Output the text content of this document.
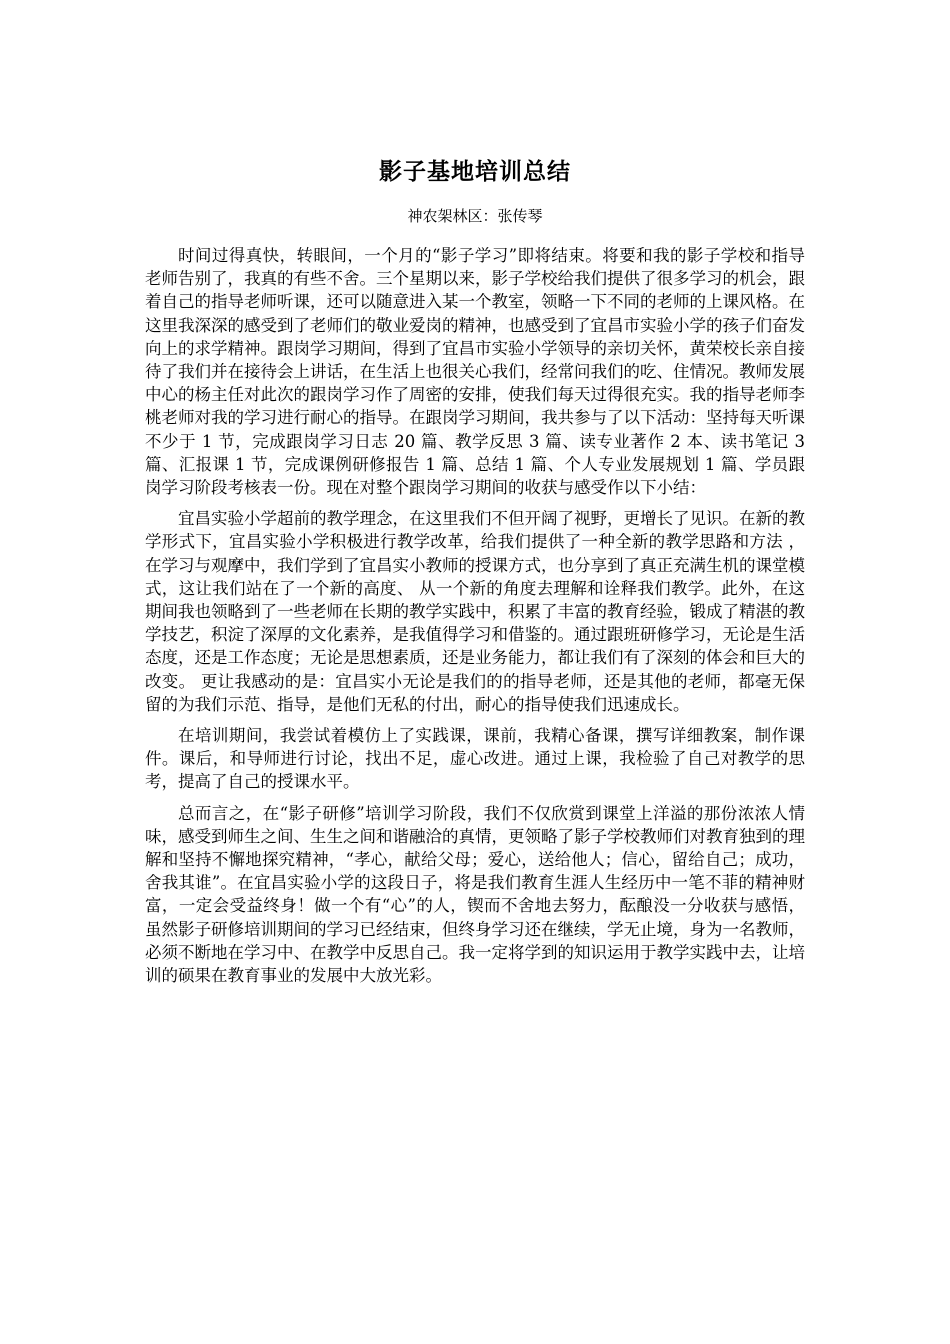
影子基地培训总结
神农架林区：张传琴

时间过得真快，转眼间，一个月的“影子学习”即将结束。将要和我的影子学校和指导老师告别了，我真的有些不舍。三个星期以来，影子学校给我们提供了很多学习的机会，跟着自己的指导老师听课，还可以随意进入某一个教室，领略一下不同的老师的上课风格。在这里我深深的感受到了老师们的敬业爱岗的精神，也感受到了宜昌市实验小学的孩子们奋发向上的求学精神。跟岗学习期间，得到了宜昌市实验小学领导的亲切关怀，黄荣校长亲自接待了我们并在接待会上讲话，在生活上也很关心我们，经常问我们的吃、住情况。教师发展中心的杨主任对此次的跟岗学习作了周密的安排，使我们每天过得很充实。我的指导老师李桃老师对我的学习进行耐心的指导。在跟岗学习期间，我共参与了以下活动：坚持每天听课不少于 1 节，完成跟岗学习日志 20 篇、教学反思 3 篇、读专业著作 2 本、读书笔记 3 篇、汇报课 1 节，完成课例研修报告 1 篇、总结 1 篇、个人专业发展规划 1 篇、学员跟岗学习阶段考核表一份。现在对整个跟岗学习期间的收获与感受作以下小结：

宜昌实验小学超前的教学理念，在这里我们不但开阔了视野，更增长了见识。在新的教学形式下，宜昌实验小学积极进行教学改革，给我们提供了一种全新的教学思路和方法 ，在学习与观摩中，我们学到了宜昌实小教师的授课方式，也分享到了真正充满生机的课堂模式，这让我们站在了一个新的高度、 从一个新的角度去理解和诠释我们教学。此外，在这期间我也领略到了一些老师在长期的教学实践中，积累了丰富的教育经验，锻成了精湛的教学技艺，积淀了深厚的文化素养，是我值得学习和借鉴的。通过跟班研修学习，无论是生活态度，还是工作态度；无论是思想素质，还是业务能力，都让我们有了深刻的体会和巨大的改变。 更让我感动的是：宜昌实小无论是我们的的指导老师，还是其他的老师，都毫无保留的为我们示范、指导，是他们无私的付出，耐心的指导使我们迅速成长。

在培训期间，我尝试着模仿上了实践课，课前，我精心备课，撰写详细教案，制作课件。课后，和导师进行讨论，找出不足，虚心改进。通过上课，我检验了自己对教学的思考，提高了自己的授课水平。

总而言之，在“影子研修”培训学习阶段，我们不仅欣赏到课堂上洋溢的那份浓浓人情味，感受到师生之间、生生之间和谐融洽的真情，更领略了影子学校教师们对教育独到的理解和坚持不懈地探究精神，“孝心，献给父母；爱心，送给他人；信心，留给自己；成功，舍我其谁”。在宜昌实验小学的这段日子，将是我们教育生涯人生经历中一笔不菲的精神财富，一定会受益终身！做一个有“心”的人，锲而不舍地去努力，酝酿没一分收获与感悟，虽然影子研修培训期间的学习已经结束，但终身学习还在继续，学无止境，身为一名教师，必须不断地在学习中、在教学中反思自己。我一定将学到的知识运用于教学实践中去，让培训的硕果在教育事业的发展中大放光彩。
